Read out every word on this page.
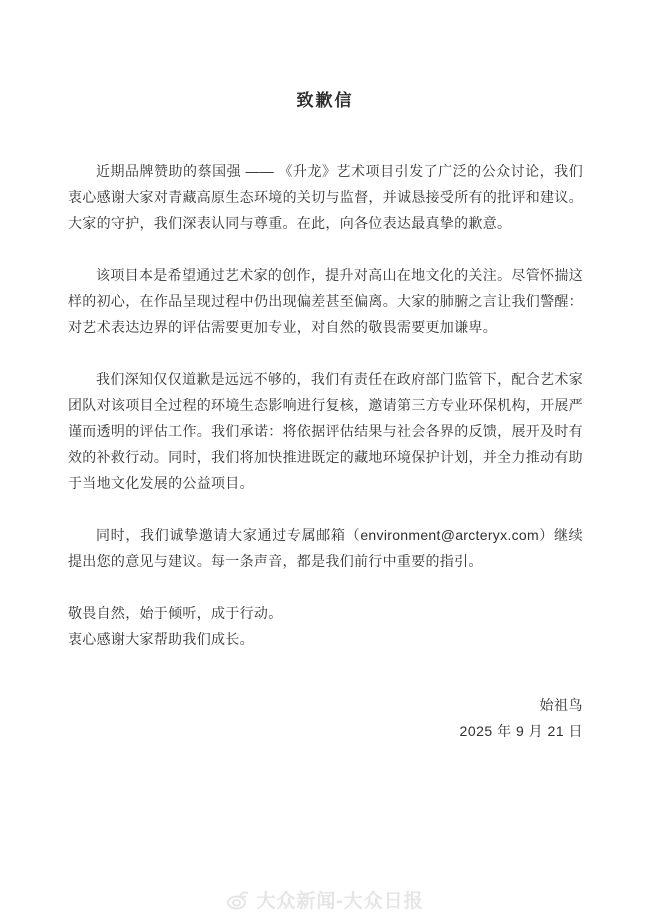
致歉信

近期品牌赞助的蔡国强 —— 《升龙》艺术项目引发了广泛的公众讨论，我们衷心感谢大家对青藏高原生态环境的关切与监督，并诚恳接受所有的批评和建议。大家的守护，我们深表认同与尊重。在此，向各位表达最真挚的歉意。

该项目本是希望通过艺术家的创作，提升对高山在地文化的关注。尽管怀揣这样的初心，在作品呈现过程中仍出现偏差甚至偏离。大家的肺腑之言让我们警醒：对艺术表达边界的评估需要更加专业，对自然的敬畏需要更加谦卑。

我们深知仅仅道歉是远远不够的，我们有责任在政府部门监管下，配合艺术家团队对该项目全过程的环境生态影响进行复核，邀请第三方专业环保机构，开展严谨而透明的评估工作。我们承诺：将依据评估结果与社会各界的反馈，展开及时有效的补救行动。同时，我们将加快推进既定的藏地环境保护计划，并全力推动有助于当地文化发展的公益项目。

同时，我们诚挚邀请大家通过专属邮箱（environment@arcteryx.com）继续提出您的意见与建议。每一条声音，都是我们前行中重要的指引。

敬畏自然，始于倾听，成于行动。

衷心感谢大家帮助我们成长。

始祖鸟
2025 年 9 月 21 日
大众新闻-大众日报
